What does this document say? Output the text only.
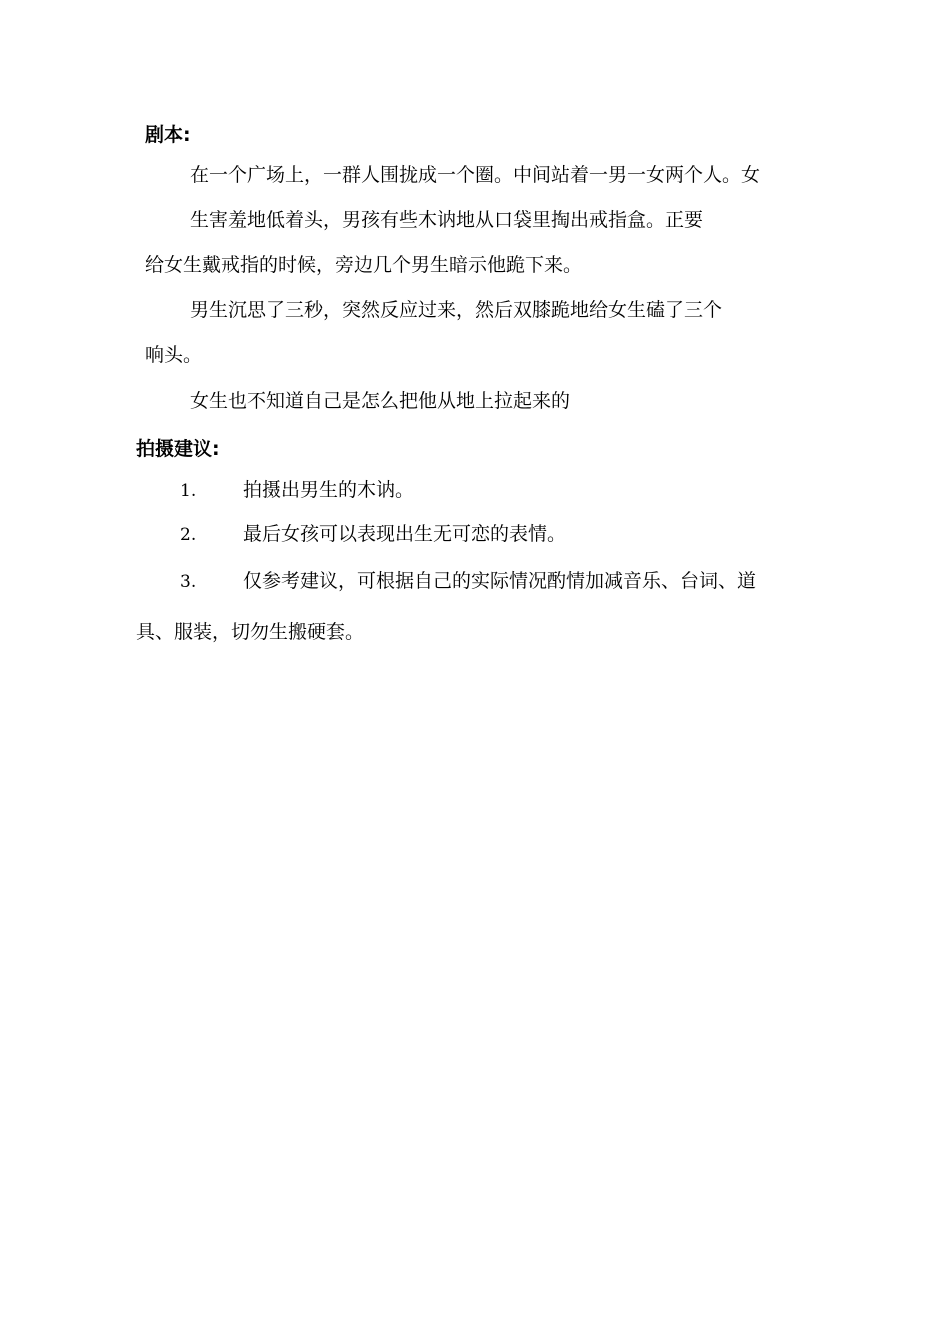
剧本:
在一个广场上，一群人围拢成一个圈。中间站着一男一女两个人。女
生害羞地低着头，男孩有些木讷地从口袋里掏出戒指盒。正要
给女生戴戒指的时候，旁边几个男生暗示他跪下来。
男生沉思了三秒，突然反应过来，然后双膝跪地给女生磕了三个
响头。
女生也不知道自己是怎么把他从地上拉起来的
拍摄建议:
1. 拍摄出男生的木讷。
2. 最后女孩可以表现出生无可恋的表情。
3. 仅参考建议，可根据自己的实际情况酌情加减音乐、台词、道
具、服装，切勿生搬硬套。
